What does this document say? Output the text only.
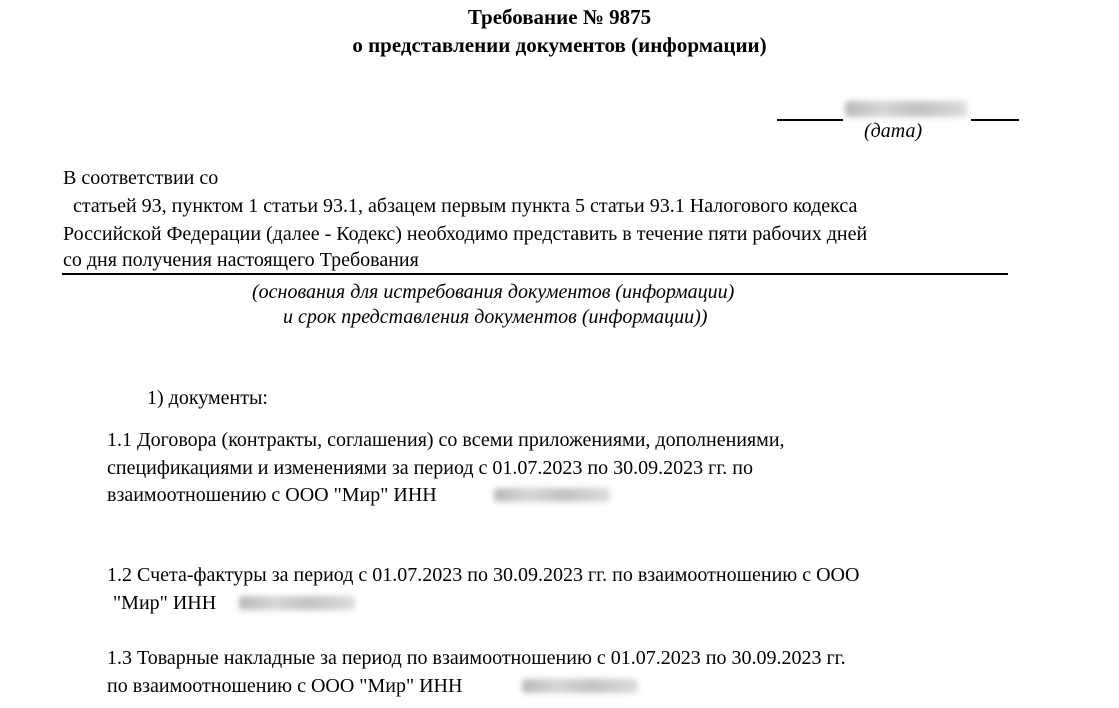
Требование № 9875
о представлении документов (информации)
(дата)
В соответствии со
статьей 93, пунктом 1 статьи 93.1, абзацем первым пункта 5 статьи 93.1 Налогового кодекса
Российской Федерации (далее - Кодекс) необходимо представить в течение пяти рабочих дней
со дня получения настоящего Требования
(основания для истребования документов (информации)
и срок представления документов (информации))
1) документы:
1.1 Договора (контракты, соглашения) со всеми приложениями, дополнениями,
спецификациями и изменениями за период с 01.07.2023 по 30.09.2023 гг. по
взаимоотношению с ООО "Мир" ИНН
1.2 Счета-фактуры за период с 01.07.2023 по 30.09.2023 гг. по взаимоотношению с ООО
"Мир" ИНН
1.3 Товарные накладные за период по взаимоотношению с 01.07.2023 по 30.09.2023 гг.
по взаимоотношению с ООО "Мир" ИНН
